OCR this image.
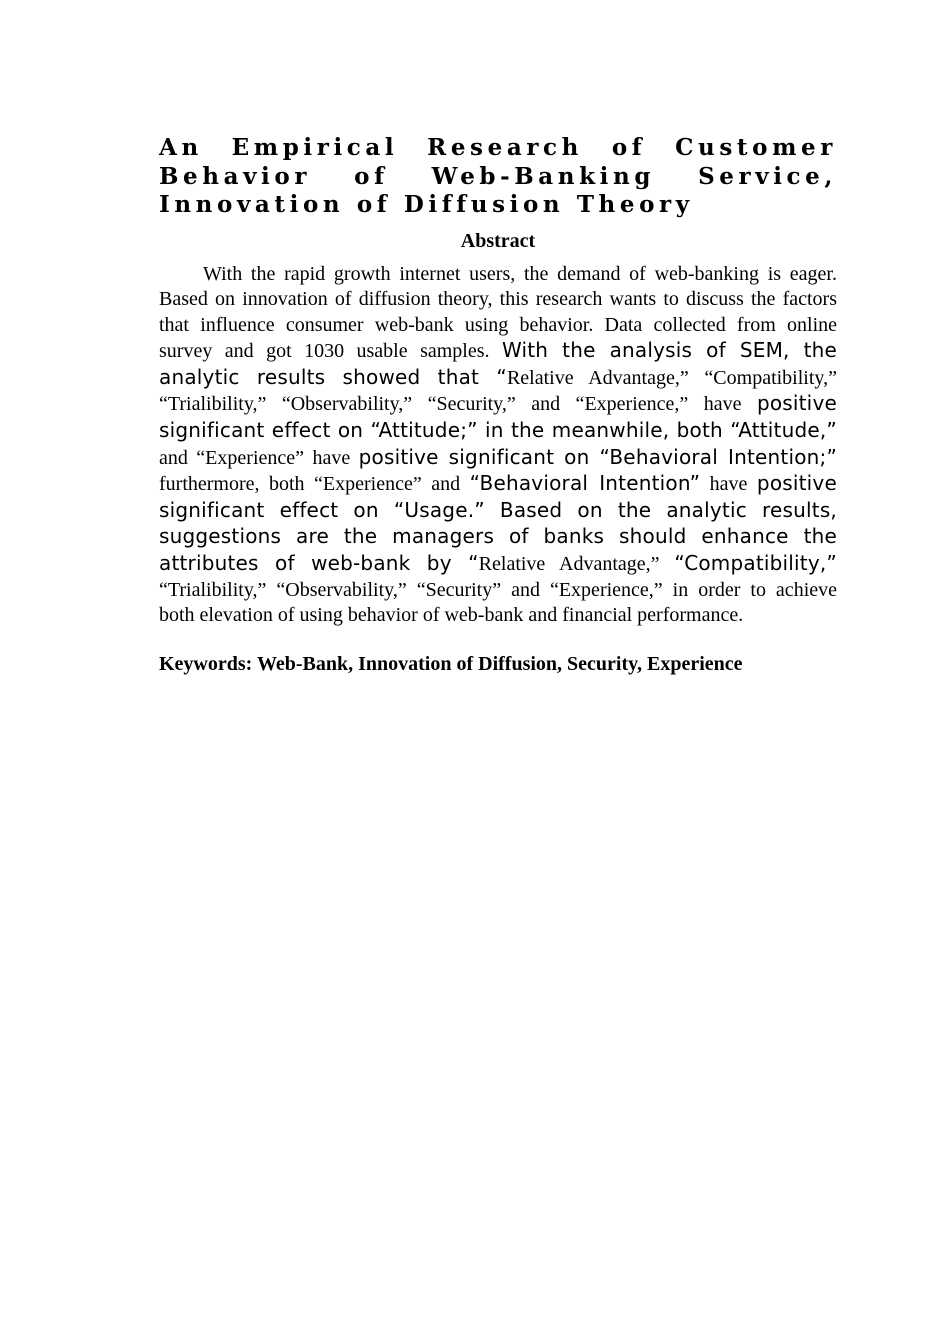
An Empirical Research of Customer Behavior of Web-Banking Service, Innovation of Diffusion Theory
Abstract

With the rapid growth internet users, the demand of web-banking is eager. Based on innovation of diffusion theory, this research wants to discuss the factors that influence consumer web-bank using behavior. Data collected from online survey and got 1030 usable samples. With the analysis of SEM, the analytic results showed that “Relative Advantage,” “Compatibility,” “Trialibility,” “Observability,” “Security,” and “Experience,” have positive significant effect on “Attitude;” in the meanwhile, both “Attitude,” and “Experience” have positive significant on “Behavioral Intention;” furthermore, both “Experience” and “Behavioral Intention” have positive significant effect on “Usage.” Based on the analytic results, suggestions are the managers of banks should enhance the attributes of web-bank by “Relative Advantage,” “Compatibility,” “Trialibility,” “Observability,” “Security” and “Experience,” in order to achieve both elevation of using behavior of web-bank and financial performance.

Keywords: Web-Bank, Innovation of Diffusion, Security, Experience
